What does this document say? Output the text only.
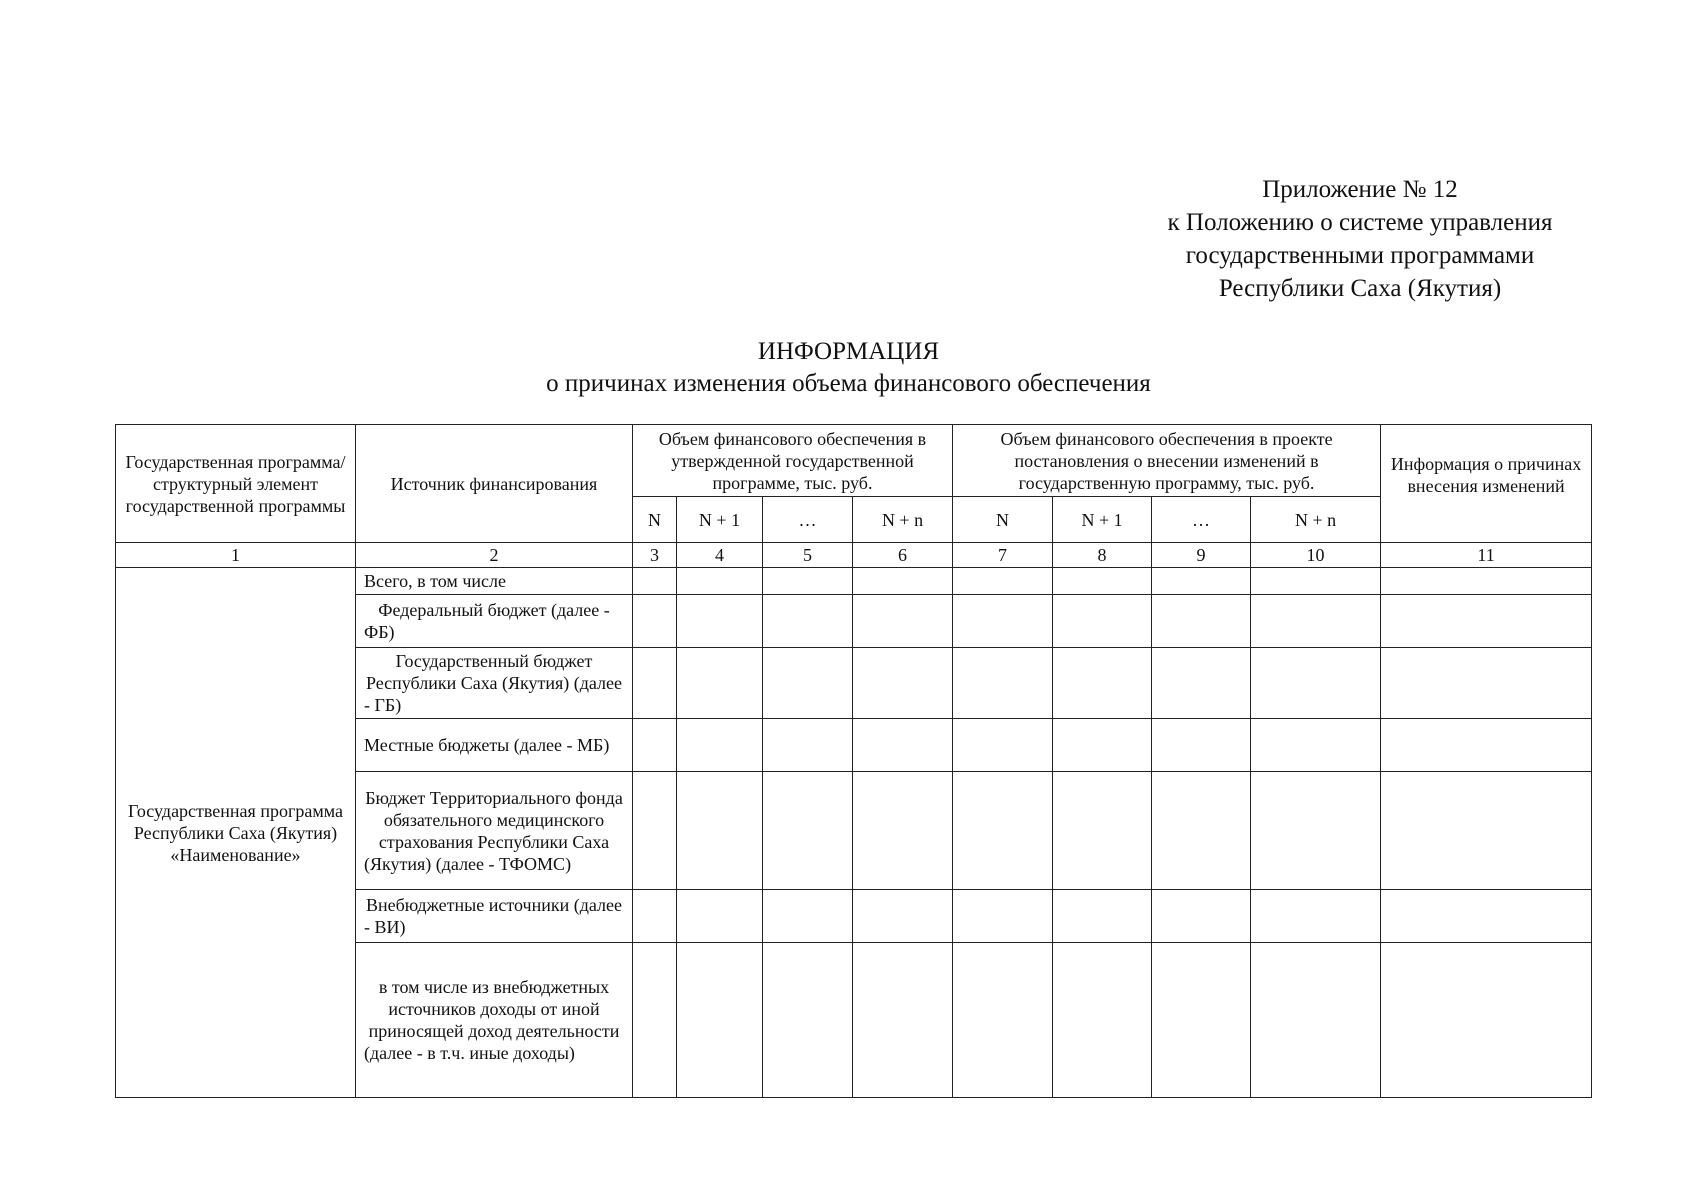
Приложение № 12
к Положению о системе управления
государственными программами
Республики Саха (Якутия)
ИНФОРМАЦИЯ
о причинах изменения объема финансового обеспечения
Государственная программа/ структурный элемент государственной программы	Источник финансирования	Объем финансового обеспечения в утвержденной государственной программе, тыс. руб.				Объем финансового обеспечения в проекте постановления о внесении изменений в государственную программу, тыс. руб.				Информация о причинах внесения изменений
		N	N + 1	…	N + n	N	N + 1	…	N + n	
1	2	3	4	5	6	7	8	9	10	11
Государственная программа Республики Саха (Якутия) «Наименование»	Всего, в том числе									
	Федеральный бюджет (далее - ФБ)									
	Государственный бюджет Республики Саха (Якутия) (далее - ГБ)									
	Местные бюджеты (далее - МБ)									
	Бюджет Территориального фонда обязательного медицинского страхования Республики Саха (Якутия) (далее - ТФОМС)									
	Внебюджетные источники (далее - ВИ)									
	в том числе из внебюджетных источников доходы от иной приносящей доход деятельности (далее - в т.ч. иные доходы)									
